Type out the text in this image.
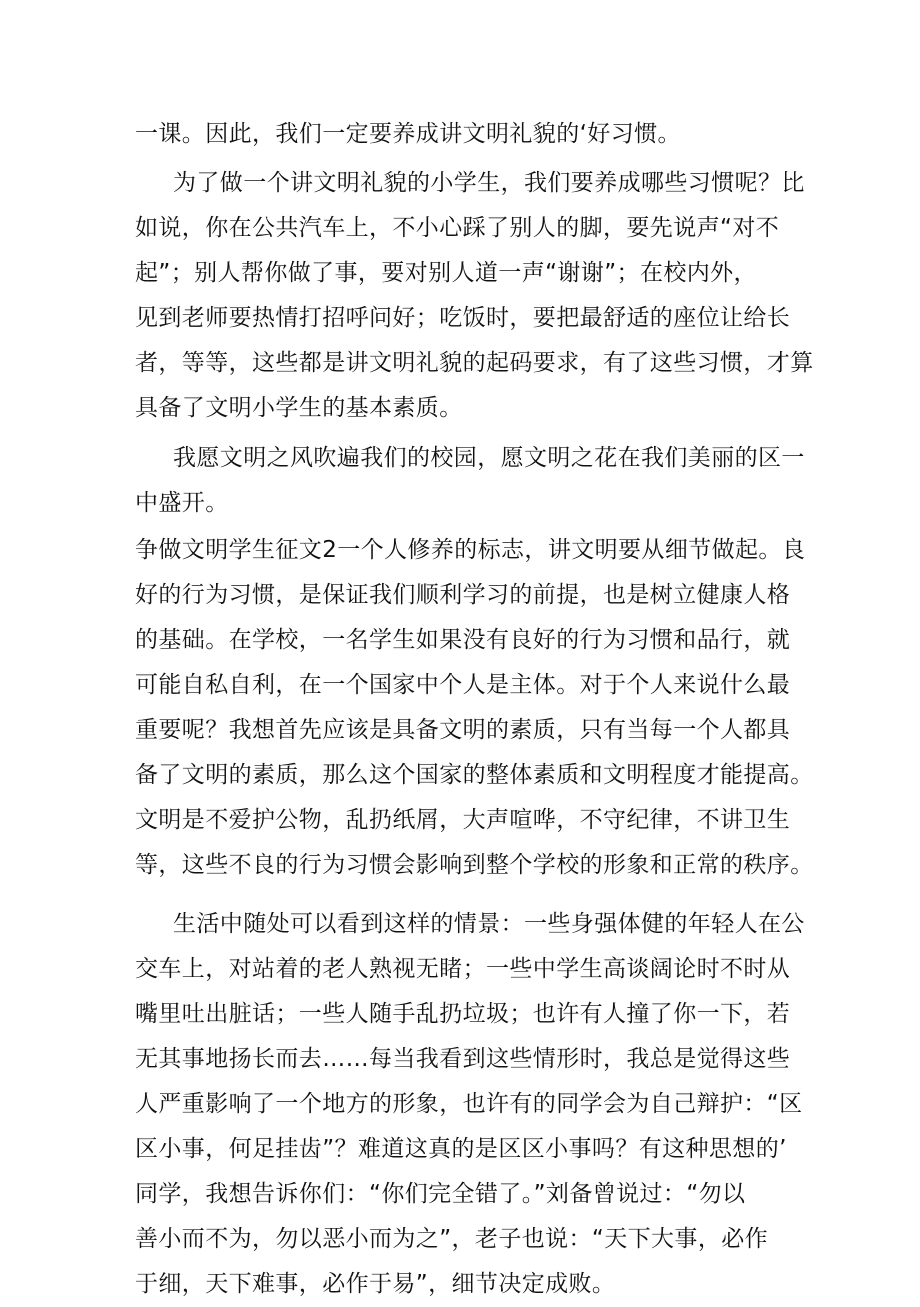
一课。因此，我们一定要养成讲文明礼貌的‘好习惯。
为了做一个讲文明礼貌的小学生，我们要养成哪些习惯呢？比
如说，你在公共汽车上，不小心踩了别人的脚，要先说声“对不
起”；别人帮你做了事，要对别人道一声“谢谢”；在校内外，
见到老师要热情打招呼问好；吃饭时，要把最舒适的座位让给长
者，等等，这些都是讲文明礼貌的起码要求，有了这些习惯，才算
具备了文明小学生的基本素质。
我愿文明之风吹遍我们的校园，愿文明之花在我们美丽的区一
中盛开。
争做文明学生征文2一个人修养的标志，讲文明要从细节做起。良
好的行为习惯，是保证我们顺利学习的前提，也是树立健康人格
的基础。在学校，一名学生如果没有良好的行为习惯和品行，就
可能自私自利，在一个国家中个人是主体。对于个人来说什么最
重要呢？我想首先应该是具备文明的素质，只有当每一个人都具
备了文明的素质，那么这个国家的整体素质和文明程度才能提高。
文明是不爱护公物，乱扔纸屑，大声喧哗，不守纪律，不讲卫生
等，这些不良的行为习惯会影响到整个学校的形象和正常的秩序。
生活中随处可以看到这样的情景：一些身强体健的年轻人在公
交车上，对站着的老人熟视无睹；一些中学生高谈阔论时不时从
嘴里吐出脏话；一些人随手乱扔垃圾；也许有人撞了你一下，若
无其事地扬长而去……每当我看到这些情形时，我总是觉得这些
人严重影响了一个地方的形象，也许有的同学会为自己辩护：“区
区小事，何足挂齿”？难道这真的是区区小事吗？有这种思想的’
同学，我想告诉你们：“你们完全错了。”刘备曾说过：“勿以
善小而不为，勿以恶小而为之”，老子也说：“天下大事，必作
于细，天下难事，必作于易”，细节决定成败。
